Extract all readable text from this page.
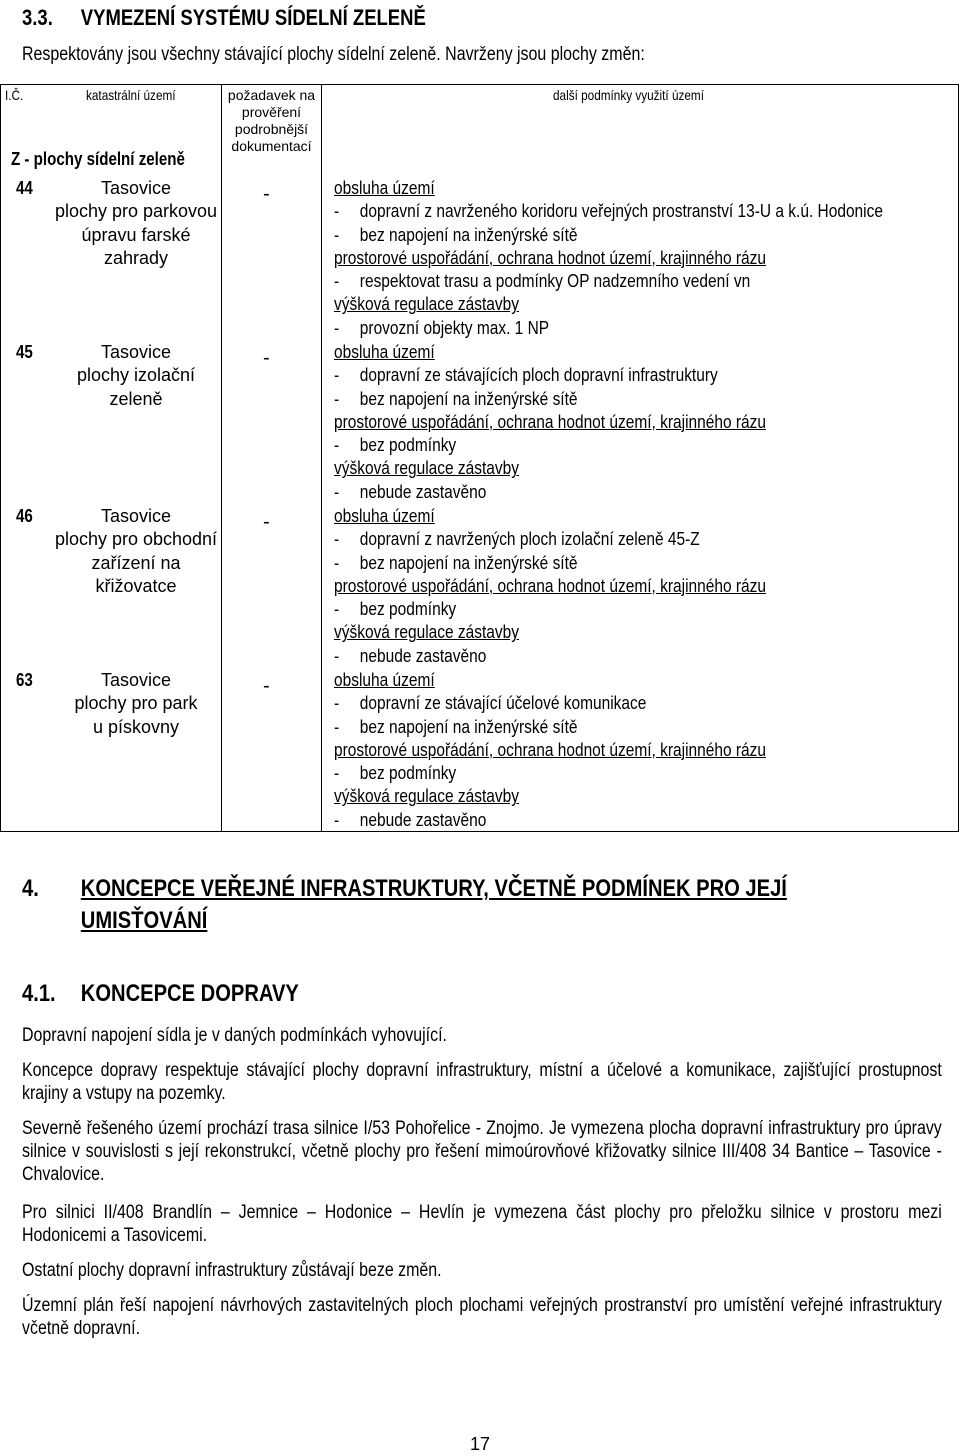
3.3. VYMEZENÍ SYSTÉMU SÍDELNÍ ZELENĚ
Respektovány jsou všechny stávající plochy sídelní zeleně. Navrženy jsou plochy změn:
I.Č.	katastrální území	požadavek na
prověření
podrobnější
dokumentací
další podmínky využití území
Z - plochy sídelní zeleně
44	Tasovice
plochy pro parkovou
úpravu farské
zahrady
-	obsluha území
- dopravní z navrženého koridoru veřejných prostranství 13-U a k.ú. Hodonice
- bez napojení na inženýrské sítě
prostorové uspořádání, ochrana hodnot území, krajinného rázu
- respektovat trasu a podmínky OP nadzemního vedení vn
výšková regulace zástavby
- provozní objekty max. 1 NP
45	Tasovice
plochy izolační
zeleně
-	obsluha území
- dopravní ze stávajících ploch dopravní infrastruktury
- bez napojení na inženýrské sítě
prostorové uspořádání, ochrana hodnot území, krajinného rázu
- bez podmínky
výšková regulace zástavby
- nebude zastavěno
46	Tasovice
plochy pro obchodní
zařízení na
křižovatce
-	obsluha území
- dopravní z navržených ploch izolační zeleně 45-Z
- bez napojení na inženýrské sítě
prostorové uspořádání, ochrana hodnot území, krajinného rázu
- bez podmínky
výšková regulace zástavby
- nebude zastavěno
63	Tasovice
plochy pro park
u pískovny
-	obsluha území
- dopravní ze stávající účelové komunikace
- bez napojení na inženýrské sítě
prostorové uspořádání, ochrana hodnot území, krajinného rázu
- bez podmínky
výšková regulace zástavby
- nebude zastavěno
4. KONCEPCE VEŘEJNÉ INFRASTRUKTURY, VČETNĚ PODMÍNEK PRO JEJÍ
UMISŤOVÁNÍ
4.1. KONCEPCE DOPRAVY
Dopravní napojení sídla je v daných podmínkách vyhovující.
Koncepce dopravy respektuje stávající plochy dopravní infrastruktury, místní a účelové a komunikace, zajišťující prostupnost krajiny a vstupy na pozemky.
Severně řešeného území prochází trasa silnice I/53 Pohořelice - Znojmo. Je vymezena plocha dopravní infrastruktury pro úpravy silnice v souvislosti s její rekonstrukcí, včetně plochy pro řešení mimoúrovňové křižovatky silnice III/408 34 Bantice – Tasovice - Chvalovice.
Pro silnici II/408 Brandlín – Jemnice – Hodonice – Hevlín je vymezena část plochy pro přeložku silnice v prostoru mezi Hodonicemi a Tasovicemi.
Ostatní plochy dopravní infrastruktury zůstávají beze změn.
Územní plán řeší napojení návrhových zastavitelných ploch plochami veřejných prostranství pro umístění veřejné infrastruktury včetně dopravní.
17
